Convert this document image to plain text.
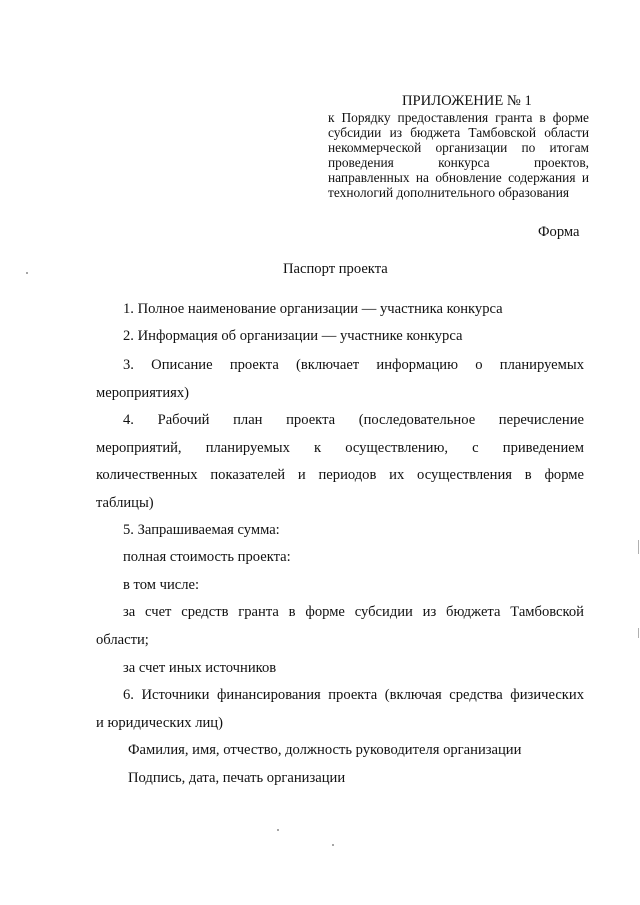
ПРИЛОЖЕНИЕ № 1
к Порядку предоставления гранта в форме
субсидии из бюджета Тамбовской области
некоммерческой организации по итогам
проведения конкурса проектов,
направленных на обновление содержания и
технологий дополнительного образования
Форма
Паспорт проекта
1. Полное наименование организации — участника конкурса
2. Информация об организации — участнике конкурса
3. Описание проекта (включает информацию о планируемых
мероприятиях)
4. Рабочий план проекта (последовательное перечисление
мероприятий, планируемых к осуществлению, с приведением
количественных показателей и периодов их осуществления в форме
таблицы)
5. Запрашиваемая сумма:
полная стоимость проекта:
в том числе:
за счет средств гранта в форме субсидии из бюджета Тамбовской
области;
за счет иных источников
6. Источники финансирования проекта (включая средства физических
и юридических лиц)
Фамилия, имя, отчество, должность руководителя организации
Подпись, дата, печать организации
